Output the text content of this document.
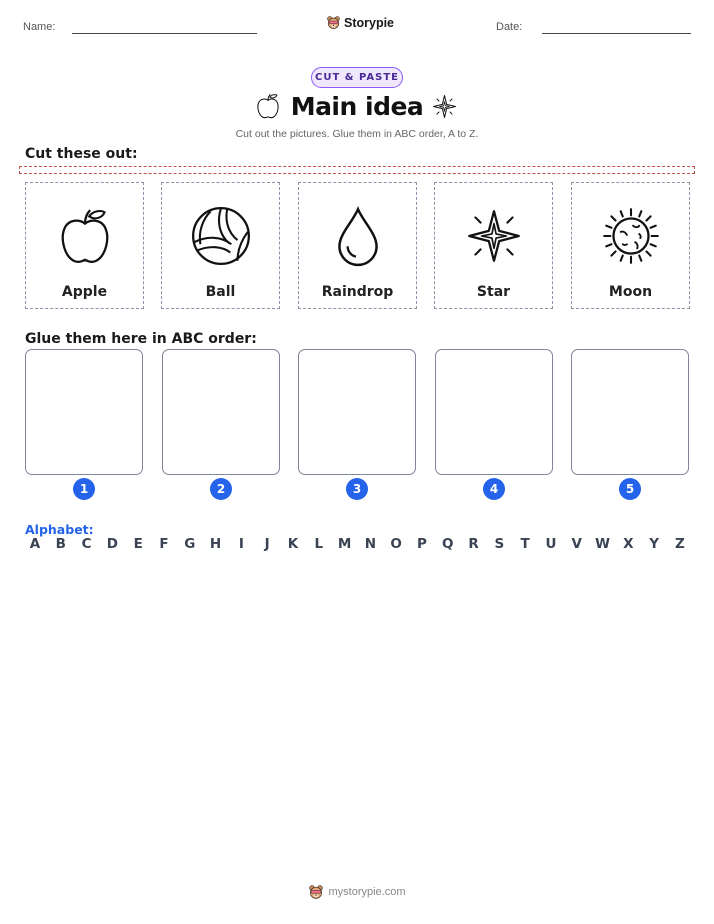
Name:	Storypie	Date:
CUT & PASTE
Main idea
Cut out the pictures. Glue them in ABC order, A to Z.
Cut these out:
Apple	Ball	Raindrop	Star	Moon
Glue them here in ABC order:
1	2	3	4	5
Alphabet:
A	B	C	D	E	F	G	H	I	J	K	L	M N	O	P	Q	R	S	T	U	V W X	Y	Z
mystorypie.com
